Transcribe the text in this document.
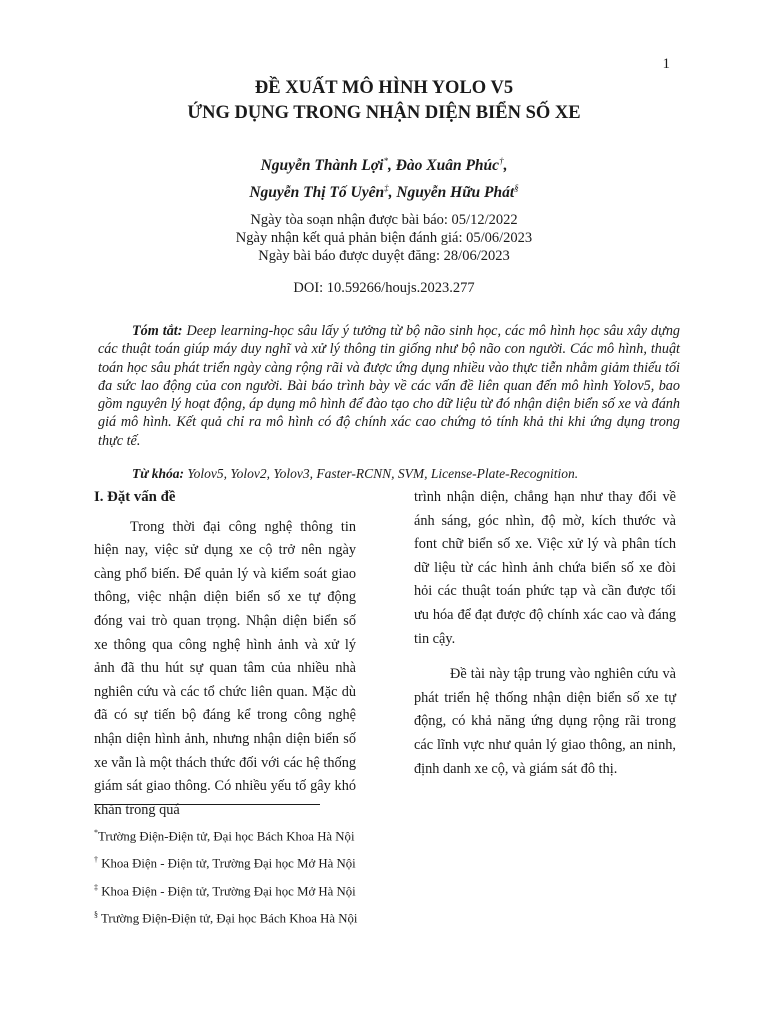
1
ĐỀ XUẤT MÔ HÌNH YOLO V5
ỨNG DỤNG TRONG NHẬN DIỆN BIỂN SỐ XE
Nguyễn Thành Lợi*, Đào Xuân Phúc†,
Nguyễn Thị Tố Uyên‡, Nguyễn Hữu Phát§
Ngày tòa soạn nhận được bài báo: 05/12/2022
Ngày nhận kết quả phản biện đánh giá: 05/06/2023
Ngày bài báo được duyệt đăng: 28/06/2023
DOI: 10.59266/houjs.2023.277
Tóm tắt: Deep learning-học sâu lấy ý tưởng từ bộ não sinh học, các mô hình học sâu xây dựng các thuật toán giúp máy duy nghĩ và xử lý thông tin giống như bộ não con người. Các mô hình, thuật toán học sâu phát triển ngày càng rộng rãi và được ứng dụng nhiều vào thực tiễn nhằm giảm thiểu tối đa sức lao động của con người. Bài báo trình bày về các vấn đề liên quan đến mô hình Yolov5, bao gồm nguyên lý hoạt động, áp dụng mô hình để đào tạo cho dữ liệu từ đó nhận diện biển số xe và đánh giá mô hình. Kết quả chỉ ra mô hình có độ chính xác cao chứng tỏ tính khả thi khi ứng dụng trong thực tế.
Từ khóa: Yolov5, Yolov2, Yolov3, Faster-RCNN, SVM, License-Plate-Recognition.
I. Đặt vấn đề

Trong thời đại công nghệ thông tin hiện nay, việc sử dụng xe cộ trở nên ngày càng phổ biến. Để quản lý và kiểm soát giao thông, việc nhận diện biển số xe tự động đóng vai trò quan trọng. Nhận diện biển số xe thông qua công nghệ hình ảnh và xử lý ảnh đã thu hút sự quan tâm của nhiều nhà nghiên cứu và các tổ chức liên quan. Mặc dù đã có sự tiến bộ đáng kể trong công nghệ nhận diện hình ảnh, nhưng nhận diện biển số xe vẫn là một thách thức đối với các hệ thống giám sát giao thông. Có nhiều yếu tố gây khó khăn trong quá

trình nhận diện, chẳng hạn như thay đổi về ánh sáng, góc nhìn, độ mờ, kích thước và font chữ biển số xe. Việc xử lý và phân tích dữ liệu từ các hình ảnh chứa biển số xe đòi hỏi các thuật toán phức tạp và cần được tối ưu hóa để đạt được độ chính xác cao và đáng tin cậy.

Đề tài này tập trung vào nghiên cứu và phát triển hệ thống nhận diện biển số xe tự động, có khả năng ứng dụng rộng rãi trong các lĩnh vực như quản lý giao thông, an ninh, định danh xe cộ, và giám sát đô thị.

*Trường Điện-Điện tử, Đại học Bách Khoa Hà Nội
† Khoa Điện - Điện tử, Trường Đại học Mở Hà Nội
‡ Khoa Điện - Điện tử, Trường Đại học Mở Hà Nội
§ Trường Điện-Điện tử, Đại học Bách Khoa Hà Nội
